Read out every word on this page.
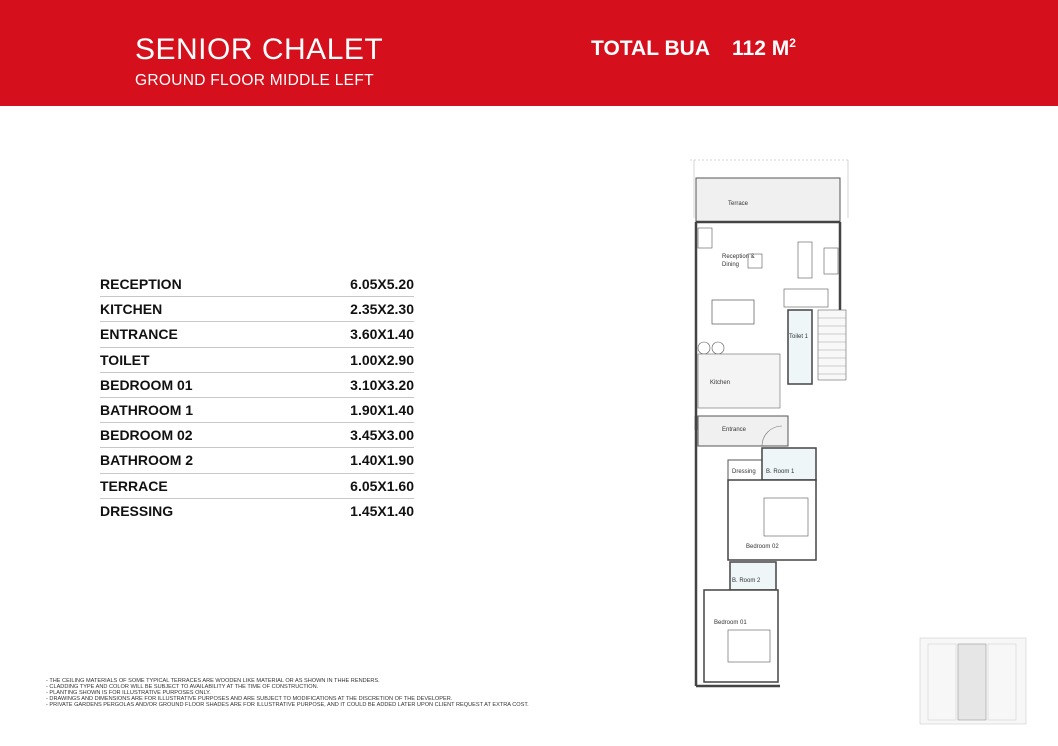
SENIOR CHALET
GROUND FLOOR MIDDLE LEFT
TOTAL BUA 112 $M^2$
RECEPTION	6.05X5.20
KITCHEN	2.35X2.30
ENTRANCE	3.60X1.40
TOILET	1.00X2.90
BEDROOM 01	3.10X3.20
BATHROOM 1	1.90X1.40
BEDROOM 02	3.45X3.00
BATHROOM 2	1.40X1.90
TERRACE	6.05X1.60
DRESSING	1.45X1.40
Terrace
Reception &
Dining
Toilet 1
Kitchen
Entrance
Dressing B. Room 1
Bedroom 02
B. Room 2
Bedroom 01
- THE CEILING MATERIALS OF SOME TYPICAL TERRACES ARE WOODEN LIKE MATERIAL OR AS SHOWN IN THHE RENDERS.
- CLADDING TYPE AND COLOR WILL BE SUBJECT TO AVAILABILITY AT THE TIME OF CONSTRUCTION.
- PLANTING SHOWN IS FOR ILLUSTRATIVE PURPOSES ONLY.
- DRAWINGS AND DIMENSIONS ARE FOR ILLUSTRATIVE PURPOSES AND ARE SUBJECT TO MODIFICATIONS AT THE DISCRETION OF THE DEVELOPER.
- PRIVATE GARDENS PERGOLAS AND/OR GROUND FLOOR SHADES ARE FOR ILLUSTRATIVE PURPOSE, AND IT COULD BE ADDED LATER UPON CLIENT REQUEST AT EXTRA COST.
